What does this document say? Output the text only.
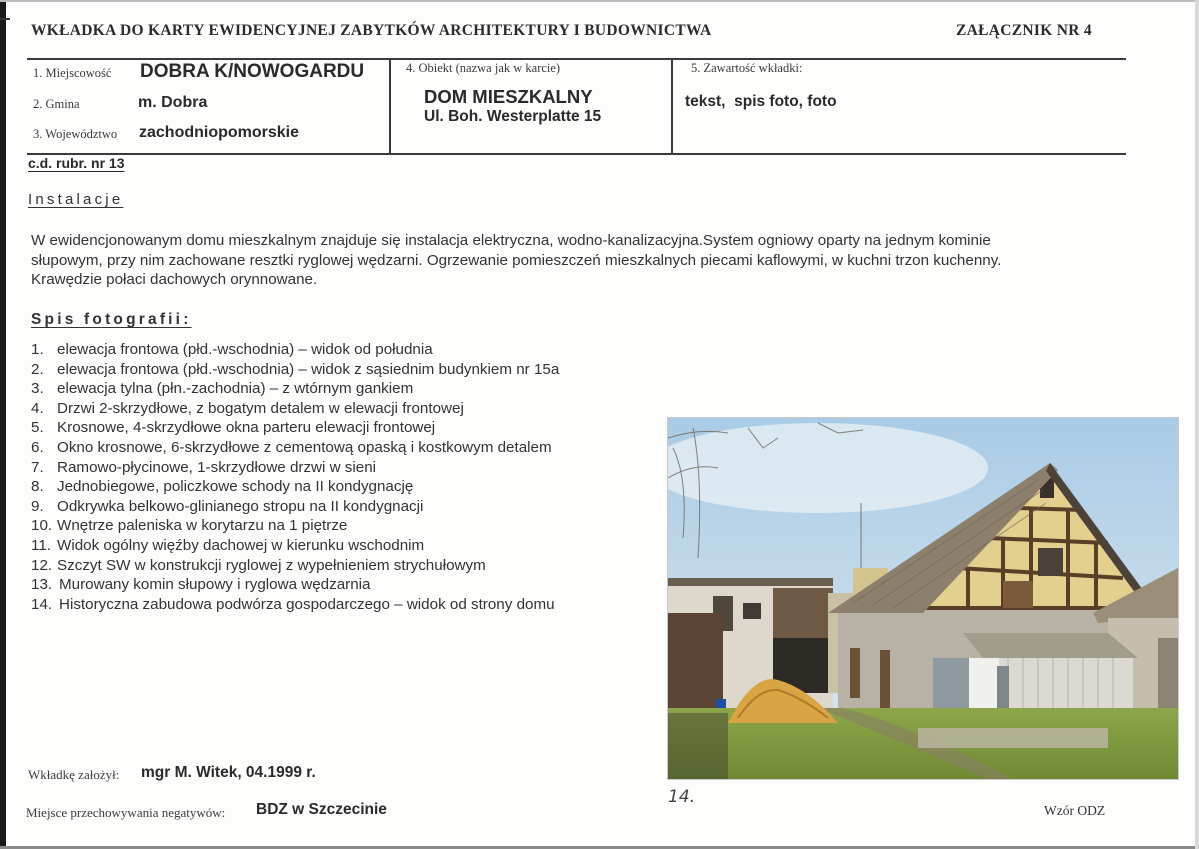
WKŁADKA DO KARTY EWIDENCYJNEJ ZABYTKÓW ARCHITEKTURY I BUDOWNICTWA	ZAŁĄCZNIK NR 4
1. Miejscowość DOBRA K/NOWOGARDU
2. Gmina	m. Dobra
3. Województwo zachodniopomorskie
4. Obiekt (nazwa jak w karcie)
DOM MIESZKALNY
Ul. Boh. Westerplatte 15
5. Zawartość wkładki:
tekst,  spis foto, foto
c.d. rubr. nr 13
Instalacje
W ewidencjonowanym domu mieszkalnym znajduje się instalacja elektryczna, wodno-kanalizacyjna.System ogniowy oparty na jednym kominie
słupowym, przy nim zachowane resztki ryglowej wędzarni. Ogrzewanie pomieszczeń mieszkalnych piecami kaflowymi, w kuchni trzon kuchenny.
Krawędzie połaci dachowych orynnowane.
Spis fotografii:
1. elewacja frontowa (płd.-wschodnia) – widok od południa
2. elewacja frontowa (płd.-wschodnia) – widok z sąsiednim budynkiem nr 15a
3. elewacja tylna (płn.-zachodnia) – z wtórnym gankiem
4. Drzwi 2-skrzydłowe, z bogatym detalem w elewacji frontowej
5. Krosnowe, 4-skrzydłowe okna parteru elewacji frontowej
6. Okno krosnowe, 6-skrzydłowe z cementową opaską i kostkowym detalem
7. Ramowo-płycinowe, 1-skrzydłowe drzwi w sieni
8. Jednobiegowe, policzkowe schody na II kondygnację
9. Odkrywka belkowo-glinianego stropu na II kondygnacji
10. Wnętrze paleniska w korytarzu na 1 piętrze
11. Widok ogólny więźby dachowej w kierunku wschodnim
12. Szczyt SW w konstrukcji ryglowej z wypełnieniem strychułowym
13. Murowany komin słupowy i ryglowa wędzarnia
14. Historyczna zabudowa podwórza gospodarczego – widok od strony domu
14.
Wkładkę założył: mgr M. Witek, 04.1999 r.
Miejsce przechowywania negatywów: BDZ w Szczecinie	Wzór ODZ
